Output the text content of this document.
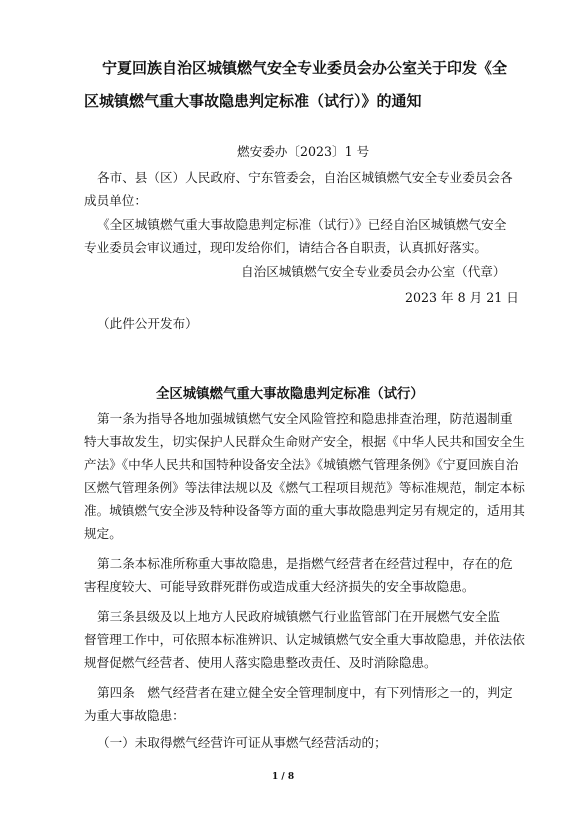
宁夏回族自治区城镇燃气安全专业委员会办公室关于印发《全
区城镇燃气重大事故隐患判定标准（试行）》的通知
燃安委办〔2023〕1 号
各市、县（区）人民政府、宁东管委会，自治区城镇燃气安全专业委员会各
成员单位：
《全区城镇燃气重大事故隐患判定标准（试行）》已经自治区城镇燃气安全
专业委员会审议通过，现印发给你们，请结合各自职责，认真抓好落实。
自治区城镇燃气安全专业委员会办公室（代章）
2023 年 8 月 21 日
（此件公开发布）
全区城镇燃气重大事故隐患判定标准（试行）
第一条为指导各地加强城镇燃气安全风险管控和隐患排查治理，防范遏制重
特大事故发生，切实保护人民群众生命财产安全，根据《中华人民共和国安全生
产法》《中华人民共和国特种设备安全法》《城镇燃气管理条例》《宁夏回族自治
区燃气管理条例》等法律法规以及《燃气工程项目规范》等标准规范，制定本标
准。城镇燃气安全涉及特种设备等方面的重大事故隐患判定另有规定的，适用其
规定。
第二条本标准所称重大事故隐患，是指燃气经营者在经营过程中，存在的危
害程度较大、可能导致群死群伤或造成重大经济损失的安全事故隐患。
第三条县级及以上地方人民政府城镇燃气行业监管部门在开展燃气安全监
督管理工作中，可依照本标准辨识、认定城镇燃气安全重大事故隐患，并依法依
规督促燃气经营者、使用人落实隐患整改责任、及时消除隐患。
第四条　燃气经营者在建立健全安全管理制度中，有下列情形之一的，判定
为重大事故隐患：
（一）未取得燃气经营许可证从事燃气经营活动的；
1 / 8
